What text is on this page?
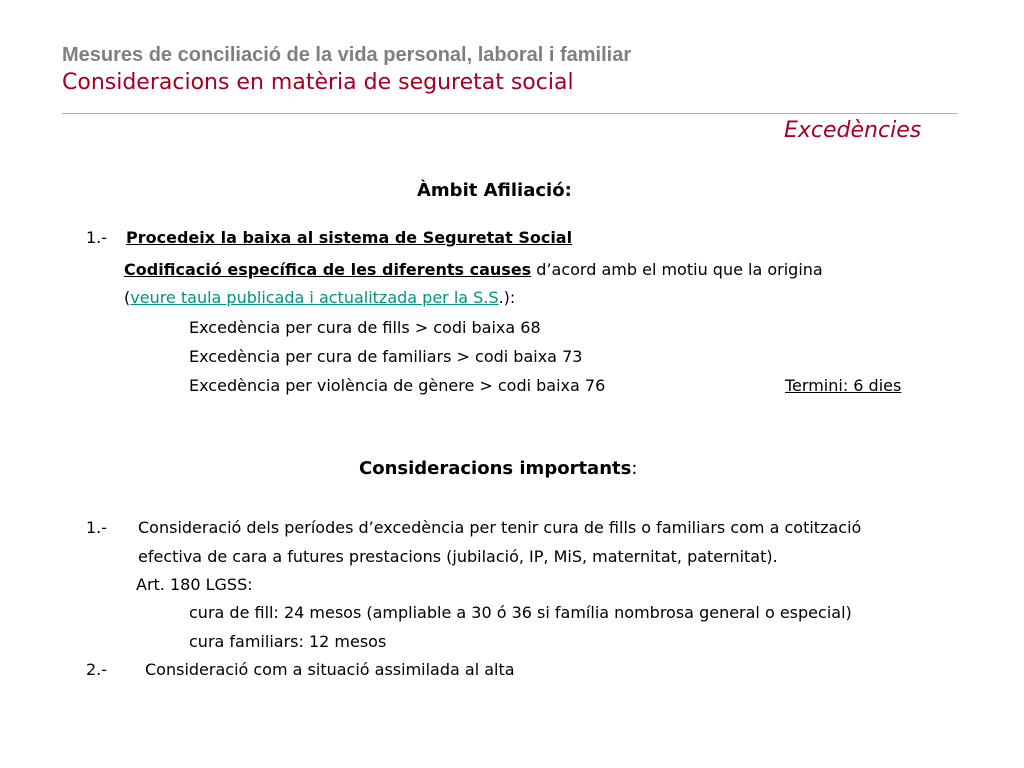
Mesures de conciliació de la vida personal, laboral i familiar
Consideracions en matèria de seguretat social
Excedències
Àmbit Afiliació:
1.- Procedeix la baixa al sistema de Seguretat Social
Codificació específica de les diferents causes d’acord amb el motiu que la origina
(veure taula publicada i actualitzada per la S.S.):
Excedència per cura de fills > codi baixa 68
Excedència per cura de familiars > codi baixa 73
Excedència per violència de gènere > codi baixa 76	Termini: 6 dies
Consideracions importants:
1.- Consideració dels períodes d’excedència per tenir cura de fills o familiars com a cotització
efectiva de cara a futures prestacions (jubilació, IP, MiS, maternitat, paternitat).
Art. 180 LGSS:
cura de fill: 24 mesos (ampliable a 30 ó 36 si família nombrosa general o especial)
cura familiars: 12 mesos
2.- Consideració com a situació assimilada al alta
